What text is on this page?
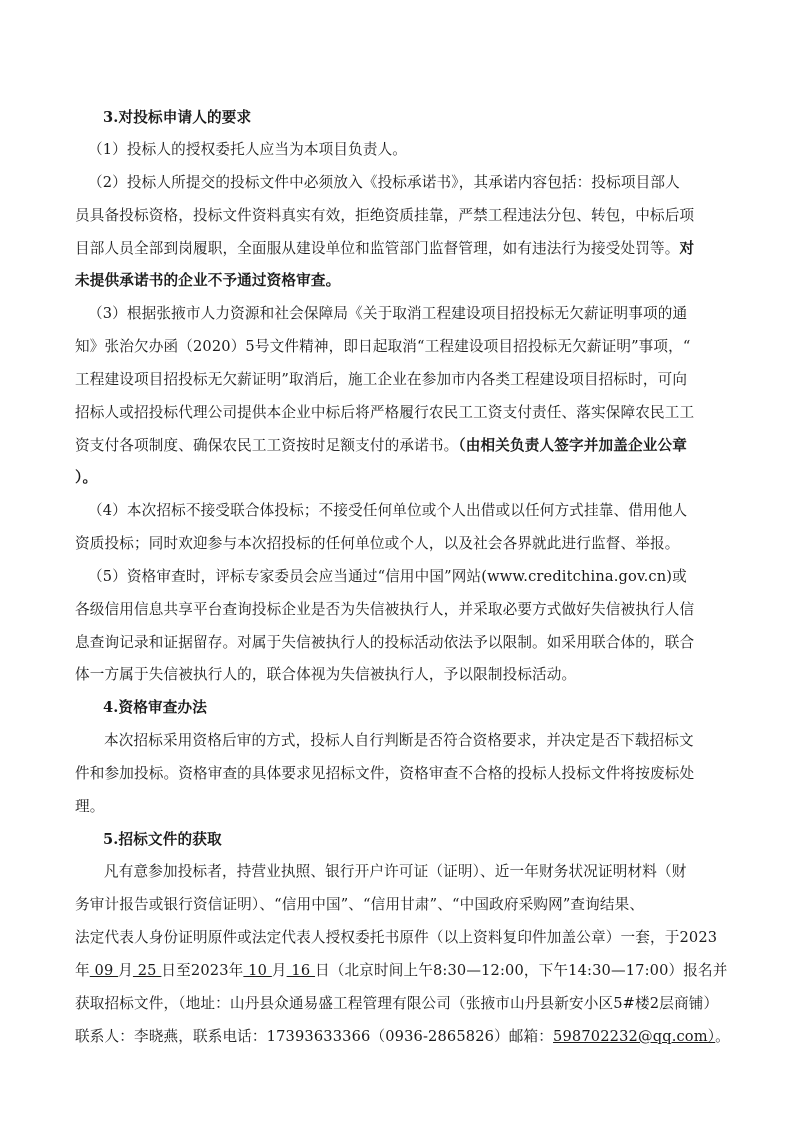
3.对投标申请人的要求
（1）投标人的授权委托人应当为本项目负责人。
（2）投标人所提交的投标文件中必须放入《投标承诺书》，其承诺内容包括：投标项目部人
员具备投标资格，投标文件资料真实有效，拒绝资质挂靠，严禁工程违法分包、转包，中标后项
目部人员全部到岗履职，全面服从建设单位和监管部门监督管理，如有违法行为接受处罚等。对
未提供承诺书的企业不予通过资格审查。
（3）根据张掖市人力资源和社会保障局《关于取消工程建设项目招投标无欠薪证明事项的通
知》张治欠办函（2020）5号文件精神，即日起取消“工程建设项目招投标无欠薪证明”事项，“
工程建设项目招投标无欠薪证明”取消后，施工企业在参加市内各类工程建设项目招标时，可向
招标人或招投标代理公司提供本企业中标后将严格履行农民工工资支付责任、落实保障农民工工
资支付各项制度、确保农民工工资按时足额支付的承诺书。（由相关负责人签字并加盖企业公章
）。
（4）本次招标不接受联合体投标；不接受任何单位或个人出借或以任何方式挂靠、借用他人
资质投标；同时欢迎参与本次招投标的任何单位或个人，以及社会各界就此进行监督、举报。
（5）资格审查时，评标专家委员会应当通过“信用中国”网站(www.creditchina.gov.cn)或
各级信用信息共享平台查询投标企业是否为失信被执行人，并采取必要方式做好失信被执行人信
息查询记录和证据留存。对属于失信被执行人的投标活动依法予以限制。如采用联合体的，联合
体一方属于失信被执行人的，联合体视为失信被执行人，予以限制投标活动。
4.资格审查办法
本次招标采用资格后审的方式，投标人自行判断是否符合资格要求，并决定是否下载招标文
件和参加投标。资格审查的具体要求见招标文件，资格审查不合格的投标人投标文件将按废标处
理。
5.招标文件的获取
凡有意参加投标者，持营业执照、银行开户许可证（证明）、近一年财务状况证明材料（财
务审计报告或银行资信证明）、“信用中国”、“信用甘肃”、“中国政府采购网”查询结果、
法定代表人身份证明原件或法定代表人授权委托书原件（以上资料复印件加盖公章）一套，于2023
年 09 月 25 日至2023年 10 月 16 日（北京时间上午8:30—12:00，下午14:30—17:00）报名并
获取招标文件，（地址：山丹县众通易盛工程管理有限公司（张掖市山丹县新安小区5#楼2层商铺）
联系人：李晓燕，联系电话：17393633366（0936-2865826）邮箱：598702232@qq.com）。
